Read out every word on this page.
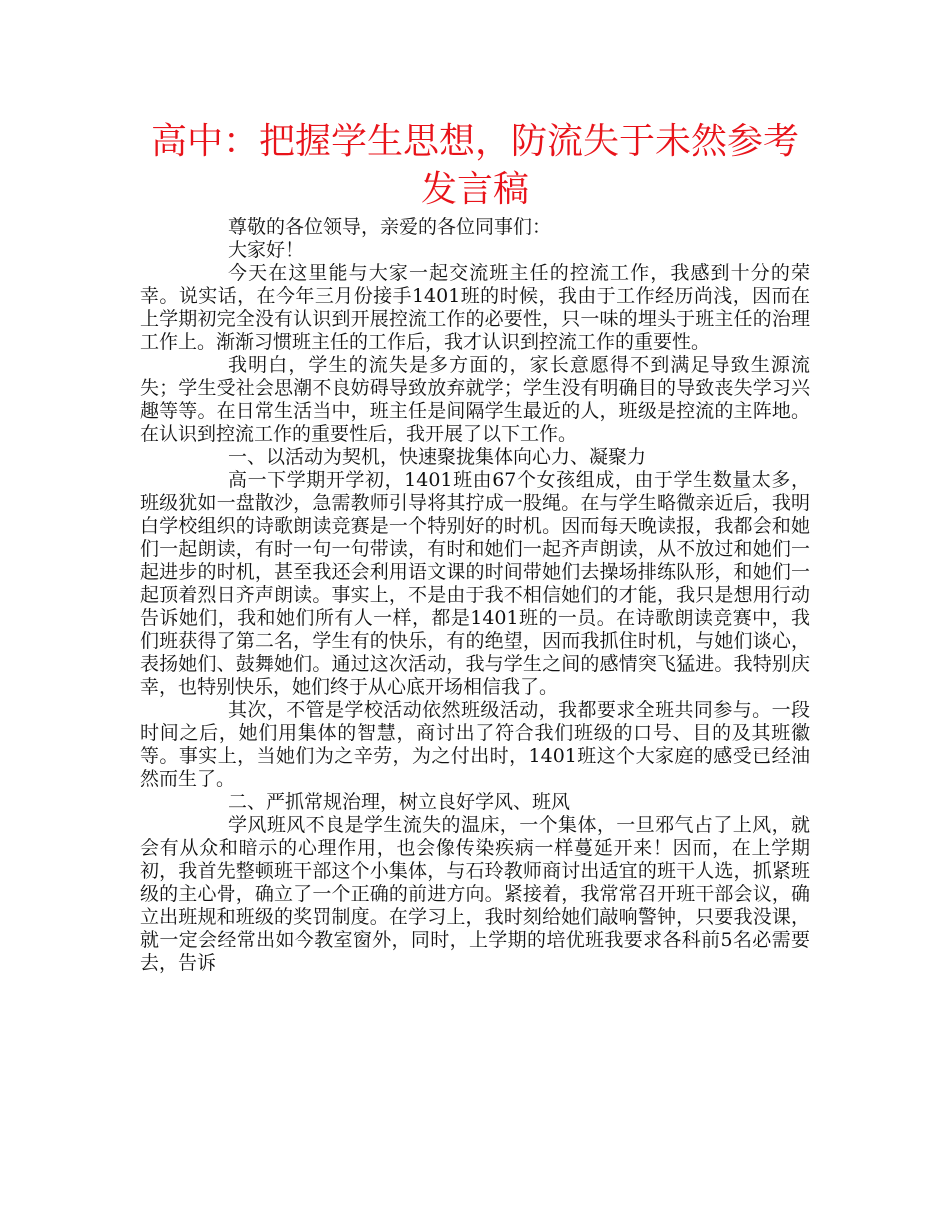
高中：把握学生思想，防流失于未然参考
发言稿

尊敬的各位领导，亲爱的各位同事们：

大家好！

今天在这里能与大家一起交流班主任的控流工作，我感到十分的荣幸。说实话，在今年三月份接手1401班的时候，我由于工作经历尚浅，因而在上学期初完全没有认识到开展控流工作的必要性，只一味的埋头于班主任的治理工作上。渐渐习惯班主任的工作后，我才认识到控流工作的重要性。

我明白，学生的流失是多方面的，家长意愿得不到满足导致生源流失；学生受社会思潮不良妨碍导致放弃就学；学生没有明确目的导致丧失学习兴趣等等。在日常生活当中，班主任是间隔学生最近的人，班级是控流的主阵地。在认识到控流工作的重要性后，我开展了以下工作。

一、以活动为契机，快速聚拢集体向心力、凝聚力

高一下学期开学初，1401班由67个女孩组成，由于学生数量太多，班级犹如一盘散沙，急需教师引导将其拧成一股绳。在与学生略微亲近后，我明白学校组织的诗歌朗读竞赛是一个特别好的时机。因而每天晚读报，我都会和她们一起朗读，有时一句一句带读，有时和她们一起齐声朗读，从不放过和她们一起进步的时机，甚至我还会利用语文课的时间带她们去操场排练队形，和她们一起顶着烈日齐声朗读。事实上，不是由于我不相信她们的才能，我只是想用行动告诉她们，我和她们所有人一样，都是1401班的一员。在诗歌朗读竞赛中，我们班获得了第二名，学生有的快乐，有的绝望，因而我抓住时机，与她们谈心，表扬她们、鼓舞她们。通过这次活动，我与学生之间的感情突飞猛进。我特别庆幸，也特别快乐，她们终于从心底开场相信我了。

其次，不管是学校活动依然班级活动，我都要求全班共同参与。一段时间之后，她们用集体的智慧，商讨出了符合我们班级的口号、目的及其班徽等。事实上，当她们为之辛劳，为之付出时，1401班这个大家庭的感受已经油然而生了。

二、严抓常规治理，树立良好学风、班风

学风班风不良是学生流失的温床，一个集体，一旦邪气占了上风，就会有从众和暗示的心理作用，也会像传染疾病一样蔓延开来！因而，在上学期初，我首先整顿班干部这个小集体，与石玲教师商讨出适宜的班干人选，抓紧班级的主心骨，确立了一个正确的前进方向。紧接着，我常常召开班干部会议，确立出班规和班级的奖罚制度。在学习上，我时刻给她们敲响警钟，只要我没课，就一定会经常出如今教室窗外，同时，上学期的培优班我要求各科前5名必需要去，告诉
